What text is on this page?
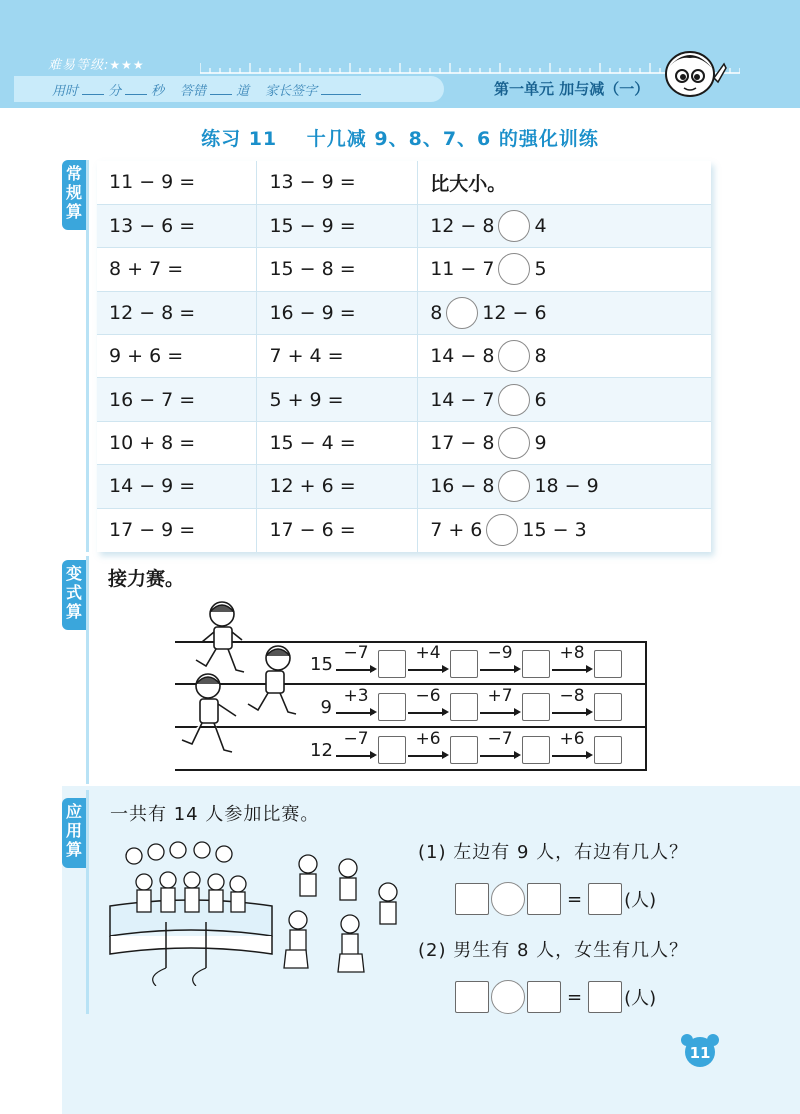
难易等级:★★★
用时 分 秒 答错 道 家长签字	第一单元 加与减（一）
练习 11 十几减 9、8、7、6 的强化训练
常规算
变式算
11 − 9 =	13 − 9 =	比大小。
13 − 6 =	15 − 9 =	12 − 8 4

8 + 7 =	15 − 8 =	11 − 7 5

12 − 8 =	16 − 9 =	8 12 − 6

9 + 6 =	7 + 4 =	14 − 8 8

16 − 7 =	5 + 9 =	14 − 7 6

10 + 8 =	15 − 4 =	17 − 8 9

14 − 9 =	12 + 6 =	16 − 8 18 − 9

17 − 9 =	17 − 6 =	7 + 6 15 − 3
接力赛。
15
−7	+4	−9	+8
9
+3	−6	+7	−8
12
−7	+6	−7	+6
应用算
一共有 14 人参加比赛。
(1) 左边有 9 人，右边有几人？
= (人)
(2) 男生有 8 人，女生有几人？
= (人)
11
